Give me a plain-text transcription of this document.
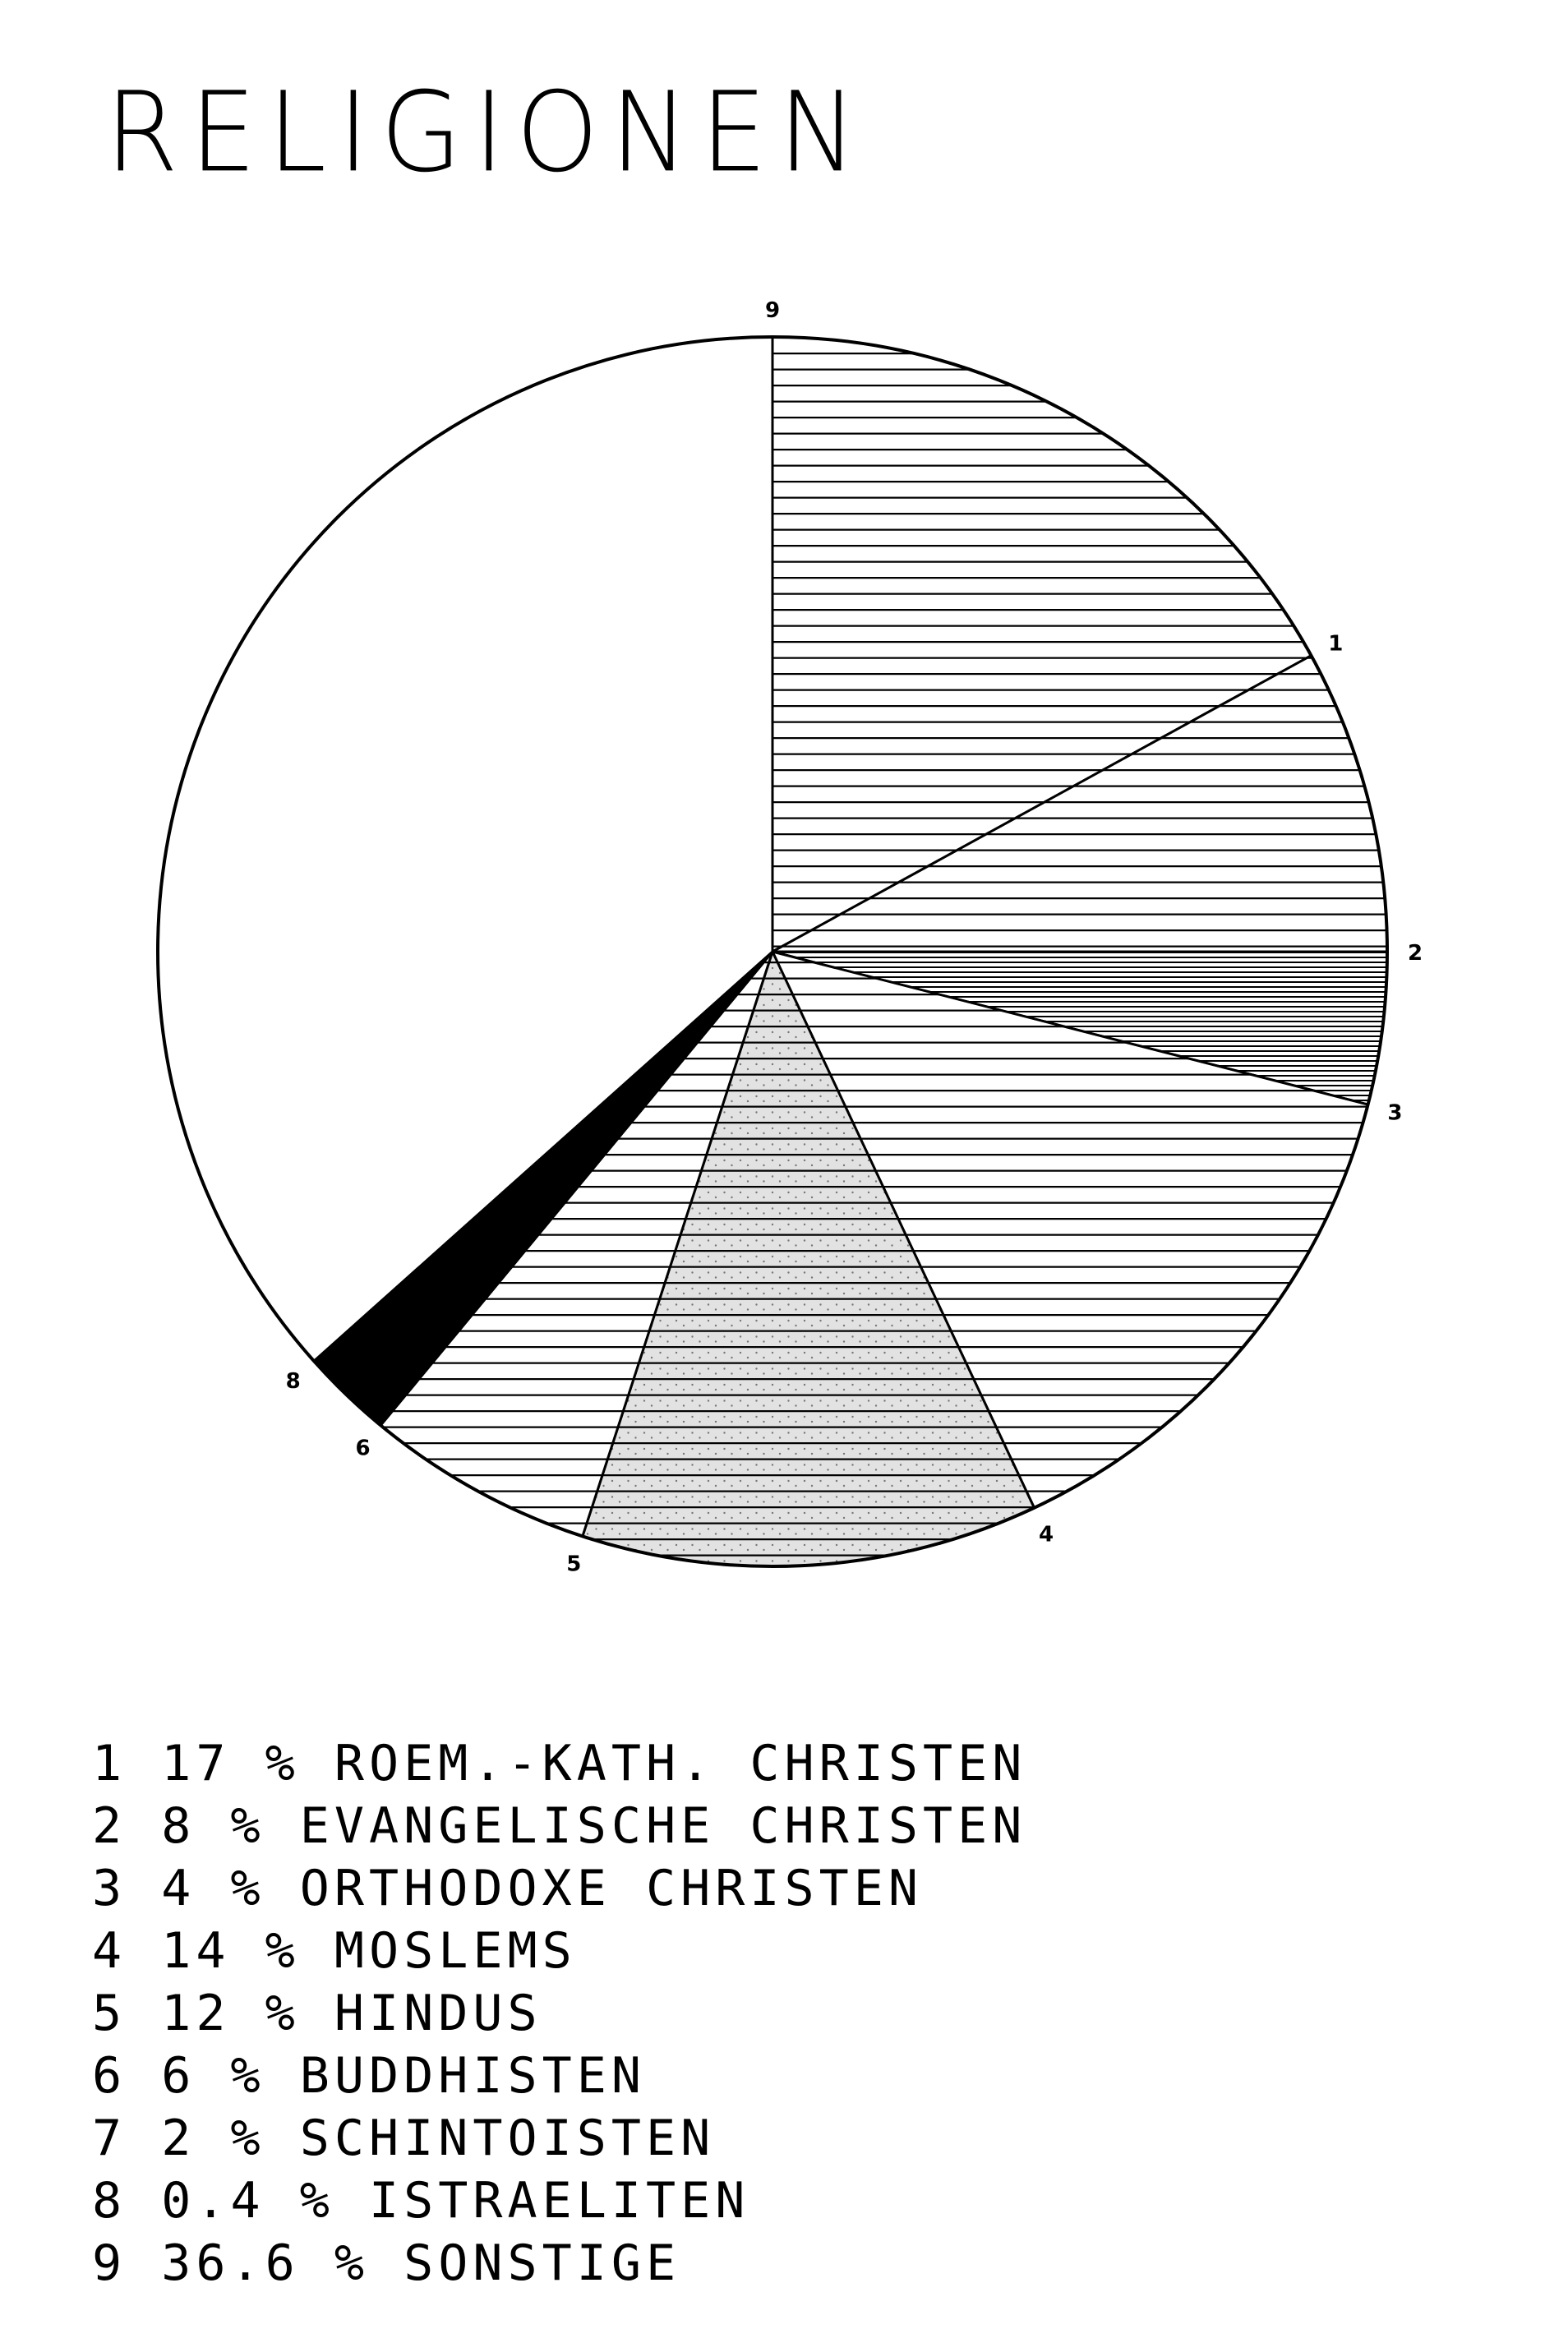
RELIGIONEN
1
2
3
4
5
6
8
9
1 17 % ROEM.-KATH. CHRISTEN
2 8 % EVANGELISCHE CHRISTEN
3 4 % ORTHODOXE CHRISTEN
4 14 % MOSLEMS
5 12 % HINDUS
6 6 % BUDDHISTEN
7 2 % SCHINTOISTEN
8 0.4 % ISTRAELITEN
9 36.6 % SONSTIGE
